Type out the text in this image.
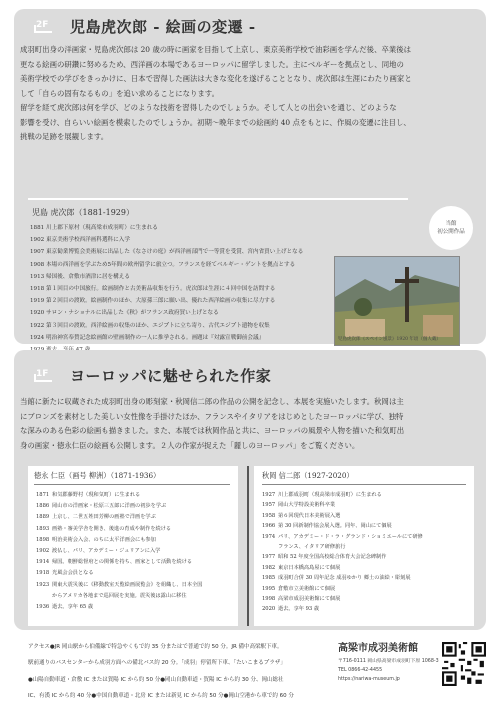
2F 児島虎次郎 - 絵画の変遷 -

成羽町出身の洋画家・児島虎次郎は 20 歳の時に画家を目指して上京し、東京美術学校で油彩画を学んだ後、卒業後は

更なる絵画の研鑽に努めるため、西洋画の本場であるヨーロッパに留学しました。主にベルギーを拠点とし、同地の

美術学校での学びをきっかけに、日本で習得した画法は大きな変化を遂げることとなり、虎次郎は生涯にわたり画家と

して「自らの固有なるもの」を追い求めることになります。

留学を経て虎次郎は何を学び、どのような技術を習得したのでしょうか。そして人との出会いを通じ、どのような

影響を受け、自らいい絵画を模索したのでしょうか。初期〜晩年までの絵画約 40 点をもとに、作風の変遷に注目し、

挑戦の足跡を展観します。

児島 虎次郎（1881-1929）
1881 川上郡下原村（現高梁市成羽町）に生まれる
1902 東京美術学校西洋画科選科に入学
1907 東京勧業博覧会美術展に出品した《なさけの庭》が西洋画部門で一等賞を受賞、宮内省買い上げとなる
1908 本場の西洋画を学ぶため5年間の欧州留学に旅立つ。フランスを経てベルギー・ゲントを拠点とする
1913 帰国後、倉敷市酒津に居を構える
1918 第１回目の中国旅行。絵画制作と古美術品収集を行う。虎次郎は生涯に４回中国を訪問する
1919 第２回目の渡欧。絵画制作のほか、大原孫三郎に願い出、優れた西洋絵画の収集に尽力する
1920 サロン・ナショナルに出品した《秋》がフランス政府買い上げとなる
1922 第３回目の渡欧。西洋絵画の収集のほか、エジプトに立ち寄り、古代エジプト遺物を収集
1924 明治神宮奉賛記念絵画館の壁画制作の一人に推挙される。画題は『対露宣戦御前会議』
当館
初公開作品
児島虎次郎《スペイン風景》1920 年頃（個人蔵）
1F ヨーロッパに魅せられた作家

当館に新たに収蔵された成羽町出身の彫刻家・秋岡信二郎の作品の公開を記念し、本展を実施いたします。秋岡は主

にブロンズを素材とした美しい女性像を手掛けたほか、フランスやイタリアをはじめとしたヨーロッパに学び、独特

な深みのある色彩の絵画も描きました。また、本展では秋岡作品と共に、ヨーロッパの風景や人物を描いた和気町出

身の画家・徳永仁臣の絵画も公開します。２人の作家が捉えた「麗しのヨーロッパ」をご覧ください。

徳永 仁臣（画号 柳洲）（1871-1936）
1871 和気郡藤野村（現和気町）に生まれる
1886 岡山市の洋画家・松原三五郎に洋画の初歩を学ぶ
1889 上京し、二世五姓田芳柳の画塾で洋画を学ぶ
1893 画塾・審美学舎を開き、後進の育成や制作を続ける
1898 明治美術会入会、のちに太平洋画会にも参加
1902 渡仏し、パリ、アカデミー・ジュリアンに入学
1914 帰国。朝鮮総督府との関係を持ち、画家として活動を続ける
1918 光風会会員となる
1923 関東大震災後に《移動教室天覧絵画展覧会》を組織し、日本全国
からアメリカ各地まで巡回展を実施。震災後は露山に移住
1936 逝去。享年 65 歳
秋岡 信二郎（1927-2020）
1927 川上郡成羽町（現高梁市成羽町）に生まれる
1957 岡山大学特設美術科卒業
1958 第６回現代日本美術展入選
1966 第 30 回新制作協会展入選。同年、岡山にて個展
1974 パリ、アカデミー・ド・ラ・グランド・ショミエールにて研修
フランス、イタリア研修旅行
1977 昭和 52 年度全国高校総合体育大会記念碑制作
1982 東京日本橋髙島屋にて個展
1985 成羽町合併 30 周年記念 成羽ゆかり 郷土の油絵・彫刻展
1995 倉敷市立美術館にて個展
1998 高梁市成羽美術館にて個展
2020 逝去。享年 93 歳

アクセス●JR 岡山駅から伯備線で特急やくもで約 35 分またはで普通で約 50 分。JR 備中高梁駅下車。

駅前通りのバスセンターから成羽方面への備北バス約 20 分。「成羽」停留所下車、「たいこまるプラザ」

●山陽自動車道・倉敷 IC または賀陽 IC から約 50 分●岡山自動車道・賀陽 IC から約 30 分、岡山総社

IC、有漢 IC から約 40 分●中国自動車道・北房 IC または新見 IC から約 50 分●岡山空港から車で約 60 分

高梁市成羽美術館
〒716-0111 岡山県高梁市成羽町下原 1068-3
TEL 0866-42-4455
https://nariwa-museum.jp
